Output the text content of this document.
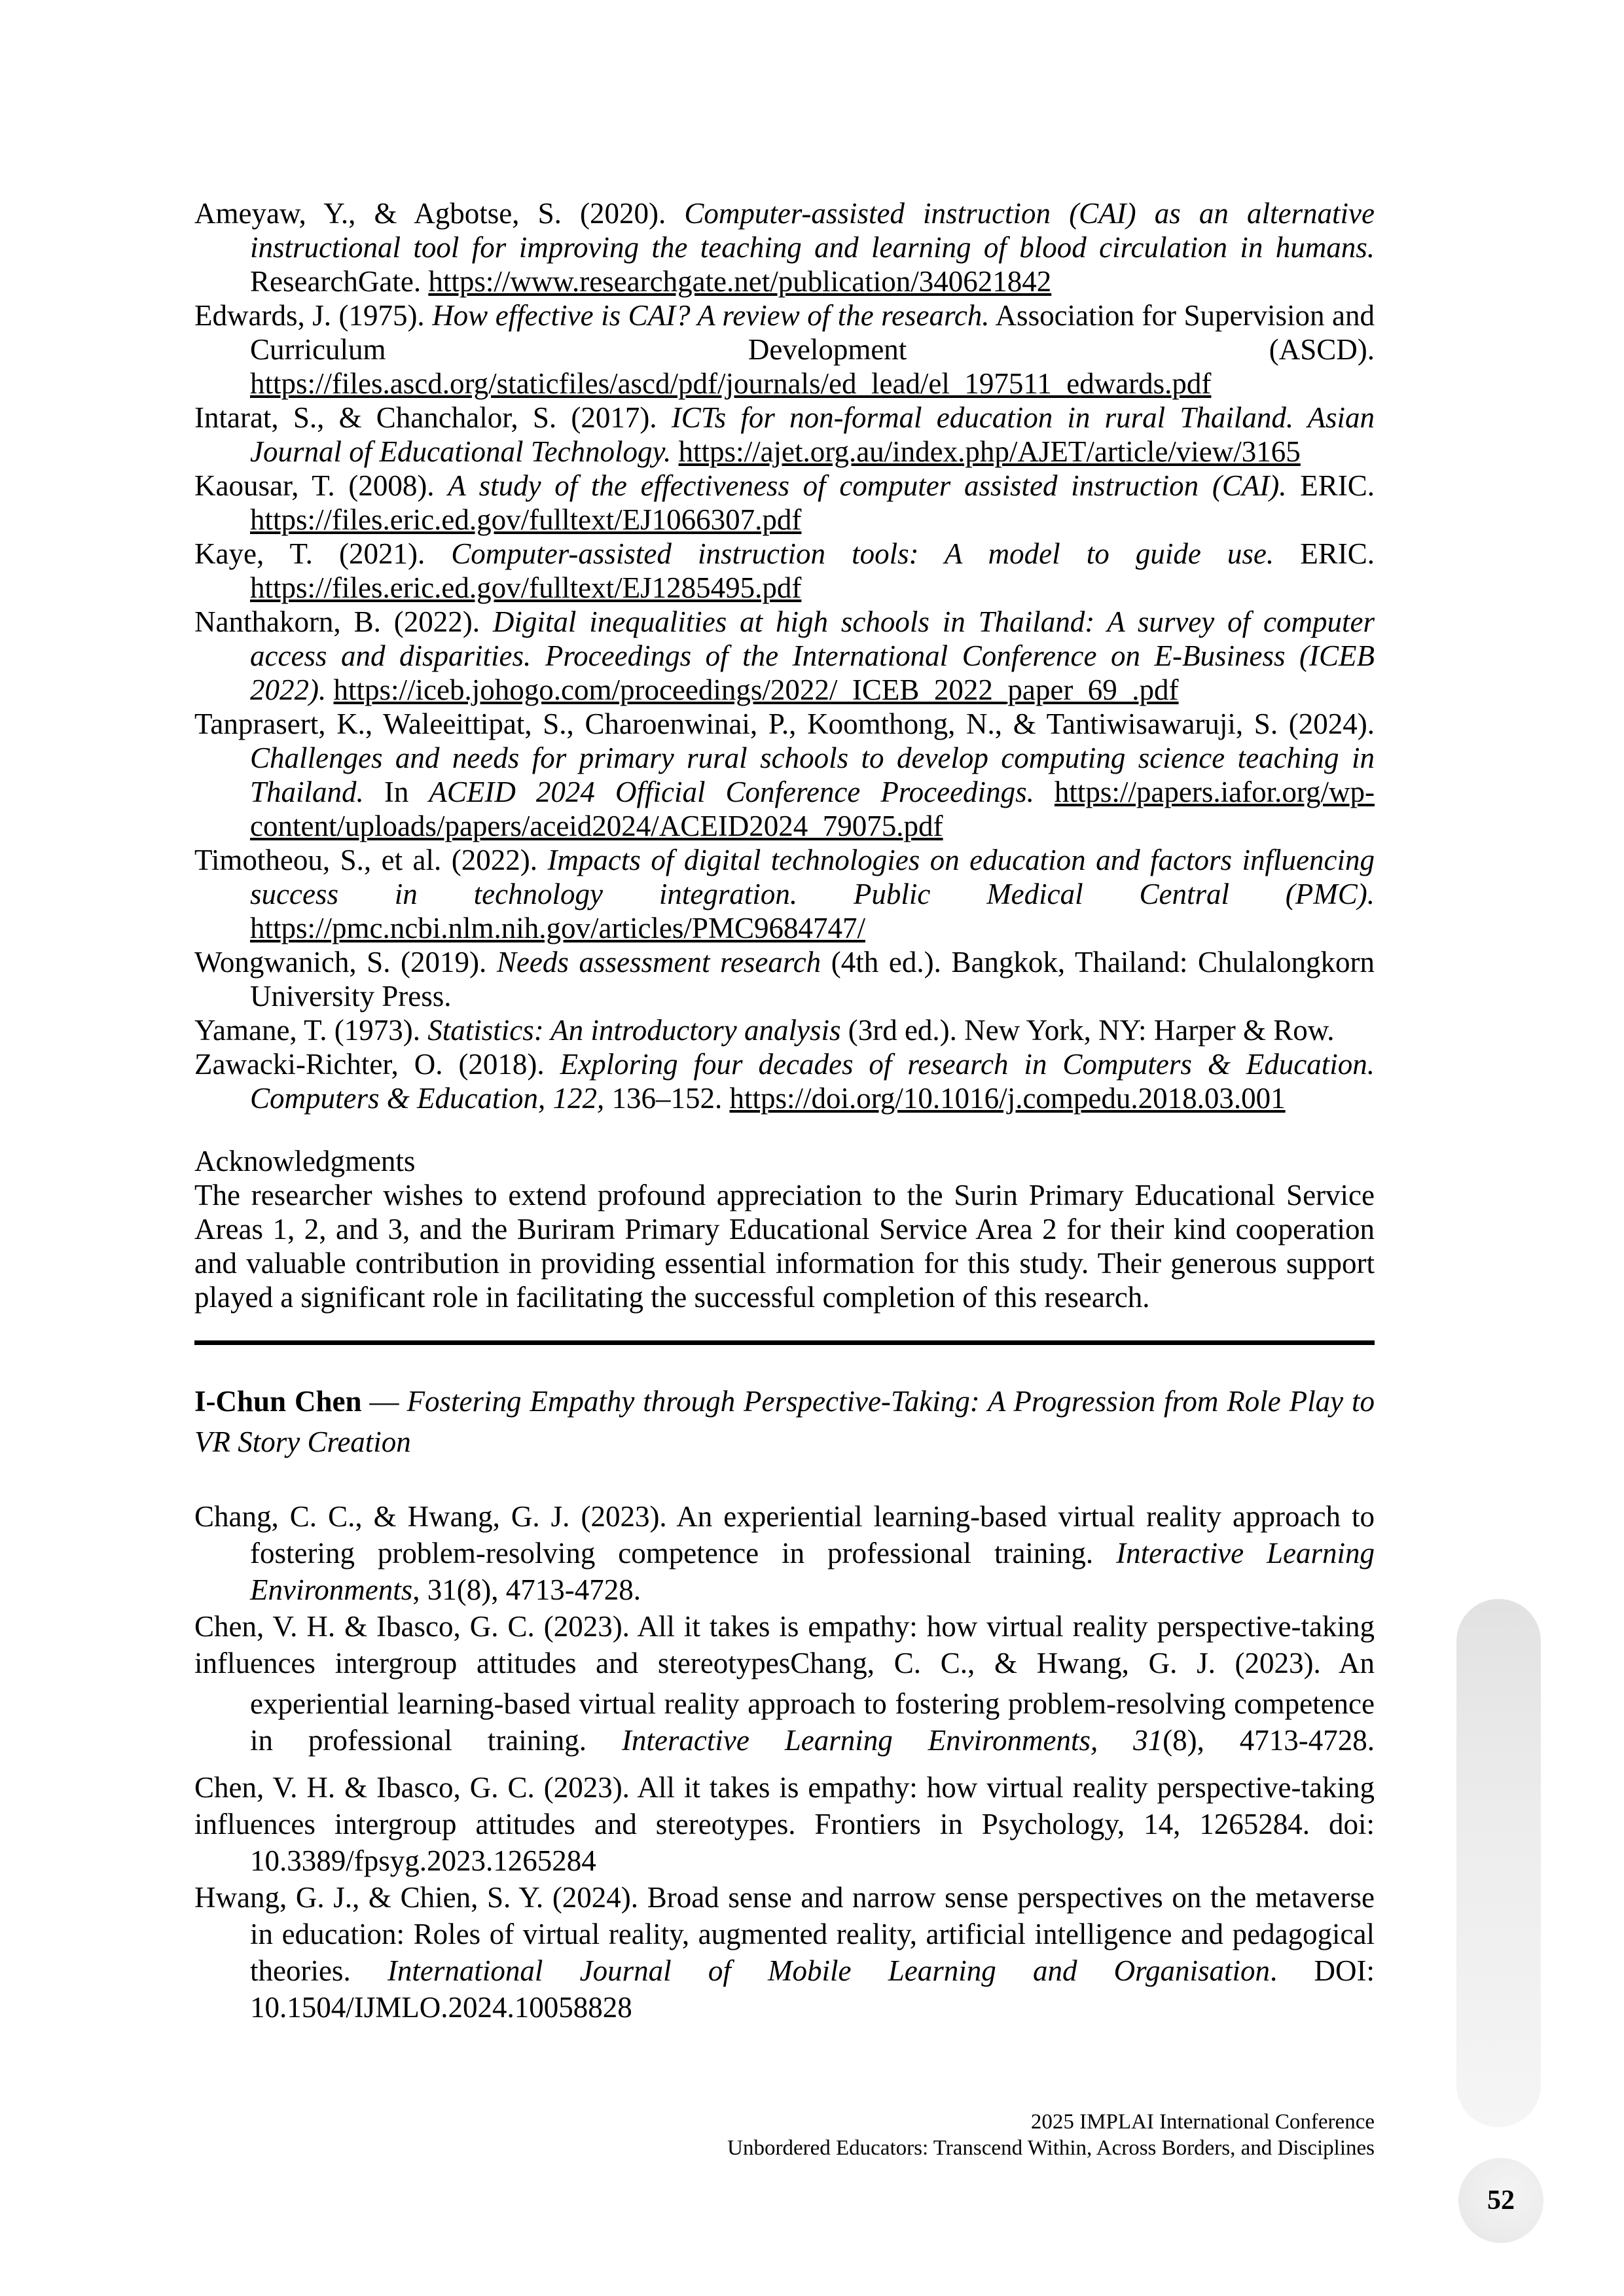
Ameyaw, Y., & Agbotse, S. (2020). Computer-assisted instruction (CAI) as an alternative instructional tool for improving the teaching and learning of blood circulation in humans. ResearchGate. https://www.researchgate.net/publication/340621842

Edwards, J. (1975). How effective is CAI? A review of the research. Association for Supervision and Curriculum Development (ASCD). https://files.ascd.org/staticfiles/ascd/pdf/journals/ed_lead/el_197511_edwards.pdf

Intarat, S., & Chanchalor, S. (2017). ICTs for non-formal education in rural Thailand. Asian Journal of Educational Technology. https://ajet.org.au/index.php/AJET/article/view/3165

Kaousar, T. (2008). A study of the effectiveness of computer assisted instruction (CAI). ERIC. https://files.eric.ed.gov/fulltext/EJ1066307.pdf

Kaye, T. (2021). Computer-assisted instruction tools: A model to guide use. ERIC. https://files.eric.ed.gov/fulltext/EJ1285495.pdf

Nanthakorn, B. (2022). Digital inequalities at high schools in Thailand: A survey of computer access and disparities. Proceedings of the International Conference on E-Business (ICEB 2022). https://iceb.johogo.com/proceedings/2022/_ICEB_2022_paper_69_.pdf

Tanprasert, K., Waleeittipat, S., Charoenwinai, P., Koomthong, N., & Tantiwisawaruji, S. (2024). Challenges and needs for primary rural schools to develop computing science teaching in Thailand. In ACEID 2024 Official Conference Proceedings. https://papers.iafor.org/wp-content/uploads/papers/aceid2024/ACEID2024_79075.pdf

Timotheou, S., et al. (2022). Impacts of digital technologies on education and factors influencing success in technology integration. Public Medical Central (PMC). https://pmc.ncbi.nlm.nih.gov/articles/PMC9684747/

Wongwanich, S. (2019). Needs assessment research (4th ed.). Bangkok, Thailand: Chulalongkorn University Press.

Yamane, T. (1973). Statistics: An introductory analysis (3rd ed.). New York, NY: Harper & Row.

Zawacki-Richter, O. (2018). Exploring four decades of research in Computers & Education. Computers & Education, 122, 136–152. https://doi.org/10.1016/j.compedu.2018.03.001

Acknowledgments

The researcher wishes to extend profound appreciation to the Surin Primary Educational Service Areas 1, 2, and 3, and the Buriram Primary Educational Service Area 2 for their kind cooperation and valuable contribution in providing essential information for this study. Their generous support played a significant role in facilitating the successful completion of this research.

I-Chun Chen — Fostering Empathy through Perspective-Taking: A Progression from Role Play to VR Story Creation

Chang, C. C., & Hwang, G. J. (2023). An experiential learning-based virtual reality approach to fostering problem-resolving competence in professional training. Interactive Learning Environments, 31(8), 4713-4728.

Chen, V. H. & Ibasco, G. C. (2023). All it takes is empathy: how virtual reality perspective-taking influences intergroup attitudes and stereotypesChang, C. C., & Hwang, G. J. (2023). An

experiential learning-based virtual reality approach to fostering problem-resolving competence in professional training. Interactive Learning Environments, 31(8), 4713-4728.

Chen, V. H. & Ibasco, G. C. (2023). All it takes is empathy: how virtual reality perspective-taking influences intergroup attitudes and stereotypes. Frontiers in Psychology, 14, 1265284. doi:

10.3389/fpsyg.2023.1265284

Hwang, G. J., & Chien, S. Y. (2024). Broad sense and narrow sense perspectives on the metaverse in education: Roles of virtual reality, augmented reality, artificial intelligence and pedagogical theories. International Journal of Mobile Learning and Organisation. DOI: 10.1504/IJMLO.2024.10058828

52
2025 IMPLAI International Conference
Unbordered Educators: Transcend Within, Across Borders, and Disciplines
